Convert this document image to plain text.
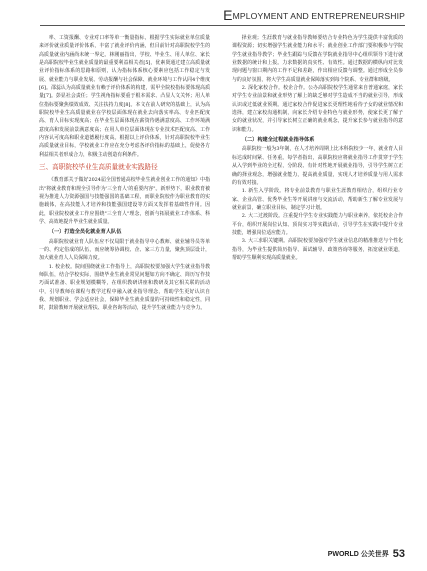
EMPLOYMENT AND ENTREPRENEURSHIP

率、工资报酬、专业对口率等单一衡量指标，根据学生实际就业单位质量来评价就业质量评价体系，丰富了就业评价内涵，但目前针对高职院校学生的高质量就业内涵尚未统一界定。林刚丽指出，学校、毕业生、用人单位、家长是高职院校毕业生就业质量的最重要利益相关者[5]，优素贤通过建立高质量就业评价指标体系的思路和原则，认为指标体系核心要素应包括工作稳定与发展、就业能力与职业发展、劳动报酬与社会保障、就业环境与工作认同4个维度[6]。邵蕊认为高质量就业有赖于评价体系的构建，需甲全院校指标要体现高质量[7]。彭显社会责任；学生视角指标要重于根本需求、凸显人文关怀；用人单位指标要聚焦绩效成效、关注扶持力度[8]。本文在前人研究的基础上，认为高职院校毕业生高质量就业在学校层面体现在就业去向落实率高、专业匹配度高、育人目标实现度高；在毕业生层面体现在薪资待遇满意度高、工作环境满意度高和发展前景满意度高；在用人单位层面体现在专业技术匹配度高、工作内容认可度高和职业道德履行度高。根据以上评价体系，针对高职院校毕业生高质量就业目标，学校就业工作应在充分考虑各评价指标的基础上，促使各方利益相关者形成合力，积极主动创造有利条件。

三、高职院校毕业生高质量就业实践路径

《教育部关于做好2024届全国普通高校毕业生就业创业工作的通知》中指出"将就业教育和规全引导作为'三全育人'的重要内容"。新形势下，职业教育被视为推进人力资源强国与技能强国的基础工程，而职业院校作为职业教育的实施载体，在高技能人才培养和技能强国建设等方面又发挥着基础性作用。因此，职业院校就业工作应围绕"三全育人"理念，创新与拓展就业工作体系、科学、高效地提升毕业生就业质量。

（一）打造全员化就业育人队伍

高职院校就业育人队伍应不仅局限于就业指导中心教师、就业辅导员等单一的、约定俗成的队伍，而应统筹协调校、企、家三方力量，聚焦顶层设计，加大就业育人人员保障力度。

1. 校企校。院间围绕就业工作指导上，高职院校要加强大学生就业指导教师队伍，结合学校实际，围绕毕业生就业常见问题如方向不确定、简历写作技巧面试准备、职业规划模糊等，在组织教研讲座和教研及其它相关联的活动中，引导教师在课程与教学过程中融入就业指导理念，帮助学生更好认识自我、规划职业、学会适应社会，保障毕业生就业质量的可持续性和稳定性，同时，鼓励教师开展就业帮扶、职业咨询等活动，提升学生就业能力与竞争力。

择业观；生涯教育与就业指导教师要结合专业特色为学生提供丰富优质的课程资源；切实增强学生就业能力和水平；就业创业工作部门要积极参与学院学生就业指导教学；毕业生跟踪与反馈在学院就业指导中心组织领导下进行就业数据的统计和上报。力求数据的真实性、有效性。通过数据的横纵向对比发现问题与窗口期内的工作不足和差距，作出相应反馈与调整。通过形成全员参与的良好氛围，将大学生高质量就业保障落实到每个院系、专业群和班级。

2. 深化家校合作。校企合作。公办高职院校学生通常来自普通家庭，家长对学生专业前景和就业形势了解上的缺乏够对学生造成不当的就业引导，形成认识或过低就业预期。通过家校合作促进家长更理性地看待子女的就业情况和选择，建立家校沟通机制，向家长介绍专业特色与就业形势，使家长更了解子女的就业状况，并引导家长树立正确的就业观念，提升家长参与就业指导的意识和能力。

（二）构建全过程就业指导体系

高职院校一般为3年制，在人才培养周期上比本科院校少一年，就业育人目标达成时间紧、任务重。每学者指出，高职院校应将就业指导工作贯穿于学生从入学到毕业的全过程，分阶段、有针对性地开展就业指导，引导学生树立正确的择业观念，增强就业能力，提高就业质量，实现人才培养质量与用人需求的有效对接。

1. 新生入学阶段。将专业前景教育与职业生涯教育相结合，组织行业专家、企业高管、优秀毕业生等开展讲座与交流活动，帮助新生了解专业发展与就业前景，确立职业目标，制定学习计划。

2. 大二过渡阶段。注重提升学生专业实践能力与职业素养，依托校企合作平台，组织开展岗位认知、顶岗实习等实践活动，引导学生在实践中提升专业技能，增强岗位适应能力。

3. 大三求职关键期。高职院校要加强对学生就业信息的精准推送与个性化指导，为毕业生提供简历指导、面试辅导、政策咨询等服务，拓宽就业渠道，帮助学生顺利实现高质量就业。

PWORLD 公关世界 53
